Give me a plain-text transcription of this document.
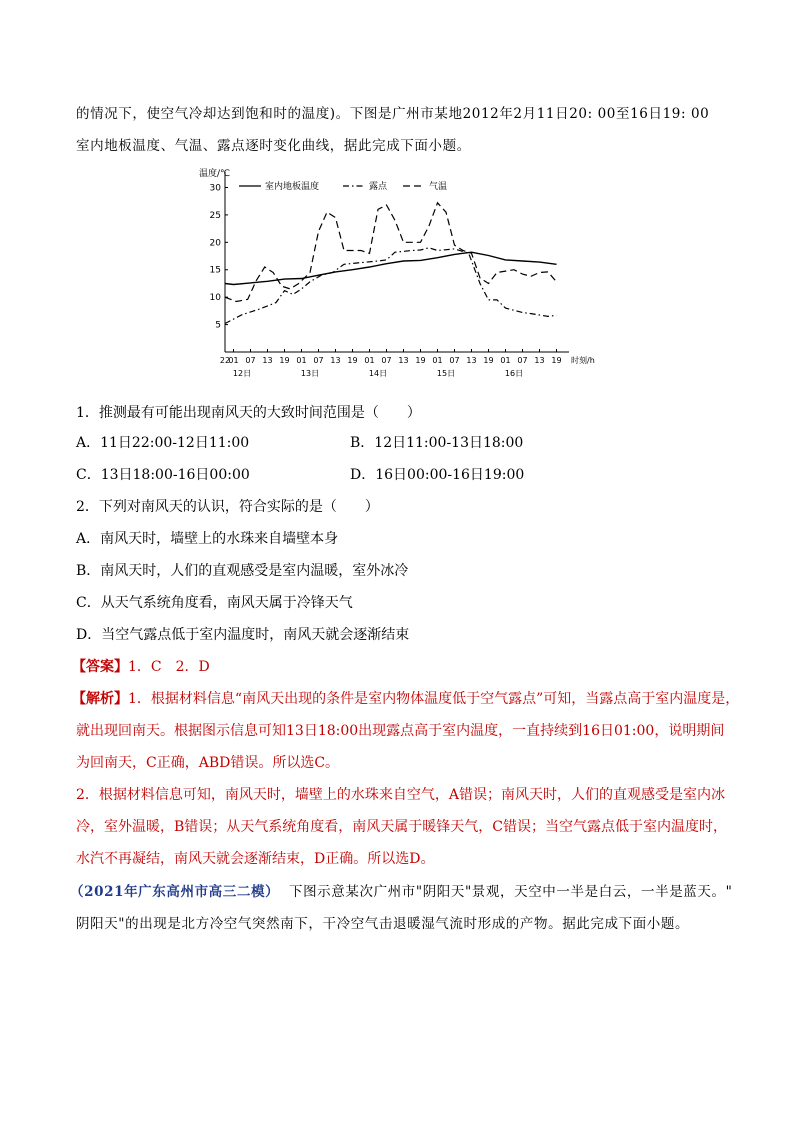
的情况下，使空气冷却达到饱和时的温度)。下图是广州市某地2012年2月11日20: 00至16日19: 00
室内地板温度、气温、露点逐时变化曲线，据此完成下面小题。
温度/℃
5
10
15
20
25
30
22
01 07 13 19 01 07 13 19 01 07 13 19 01 07 13 19 01 07 13 19 时刻/h
12日	13日	14日	15日	16日
室内地板温度	露点	气温
1．推测最有可能出现南风天的大致时间范围是（　　）
A．11日22:00-12日11:00	B．12日11:00-13日18:00
C．13日18:00-16日00:00	D．16日00:00-16日19:00
2．下列对南风天的认识，符合实际的是（　　）
A．南风天时，墙壁上的水珠来自墙壁本身
B．南风天时，人们的直观感受是室内温暖，室外冰冷
C．从天气系统角度看，南风天属于冷锋天气
D．当空气露点低于室内温度时，南风天就会逐渐结束
【答案】1．C　2．D
【解析】1．根据材料信息“南风天出现的条件是室内物体温度低于空气露点”可知，当露点高于室内温度是，
就出现回南天。根据图示信息可知13日18:00出现露点高于室内温度，一直持续到16日01:00，说明期间
为回南天，C正确，ABD错误。所以选C。
2．根据材料信息可知，南风天时，墙壁上的水珠来自空气，A错误；南风天时，人们的直观感受是室内冰
冷，室外温暖，B错误；从天气系统角度看，南风天属于暖锋天气，C错误；当空气露点低于室内温度时，
水汽不再凝结，南风天就会逐渐结束，D正确。所以选D。
（2021年广东高州市高三二模） 下图示意某次广州市"阴阳天"景观，天空中一半是白云，一半是蓝天。"
阴阳天"的出现是北方冷空气突然南下，干冷空气击退暖湿气流时形成的产物。据此完成下面小题。
